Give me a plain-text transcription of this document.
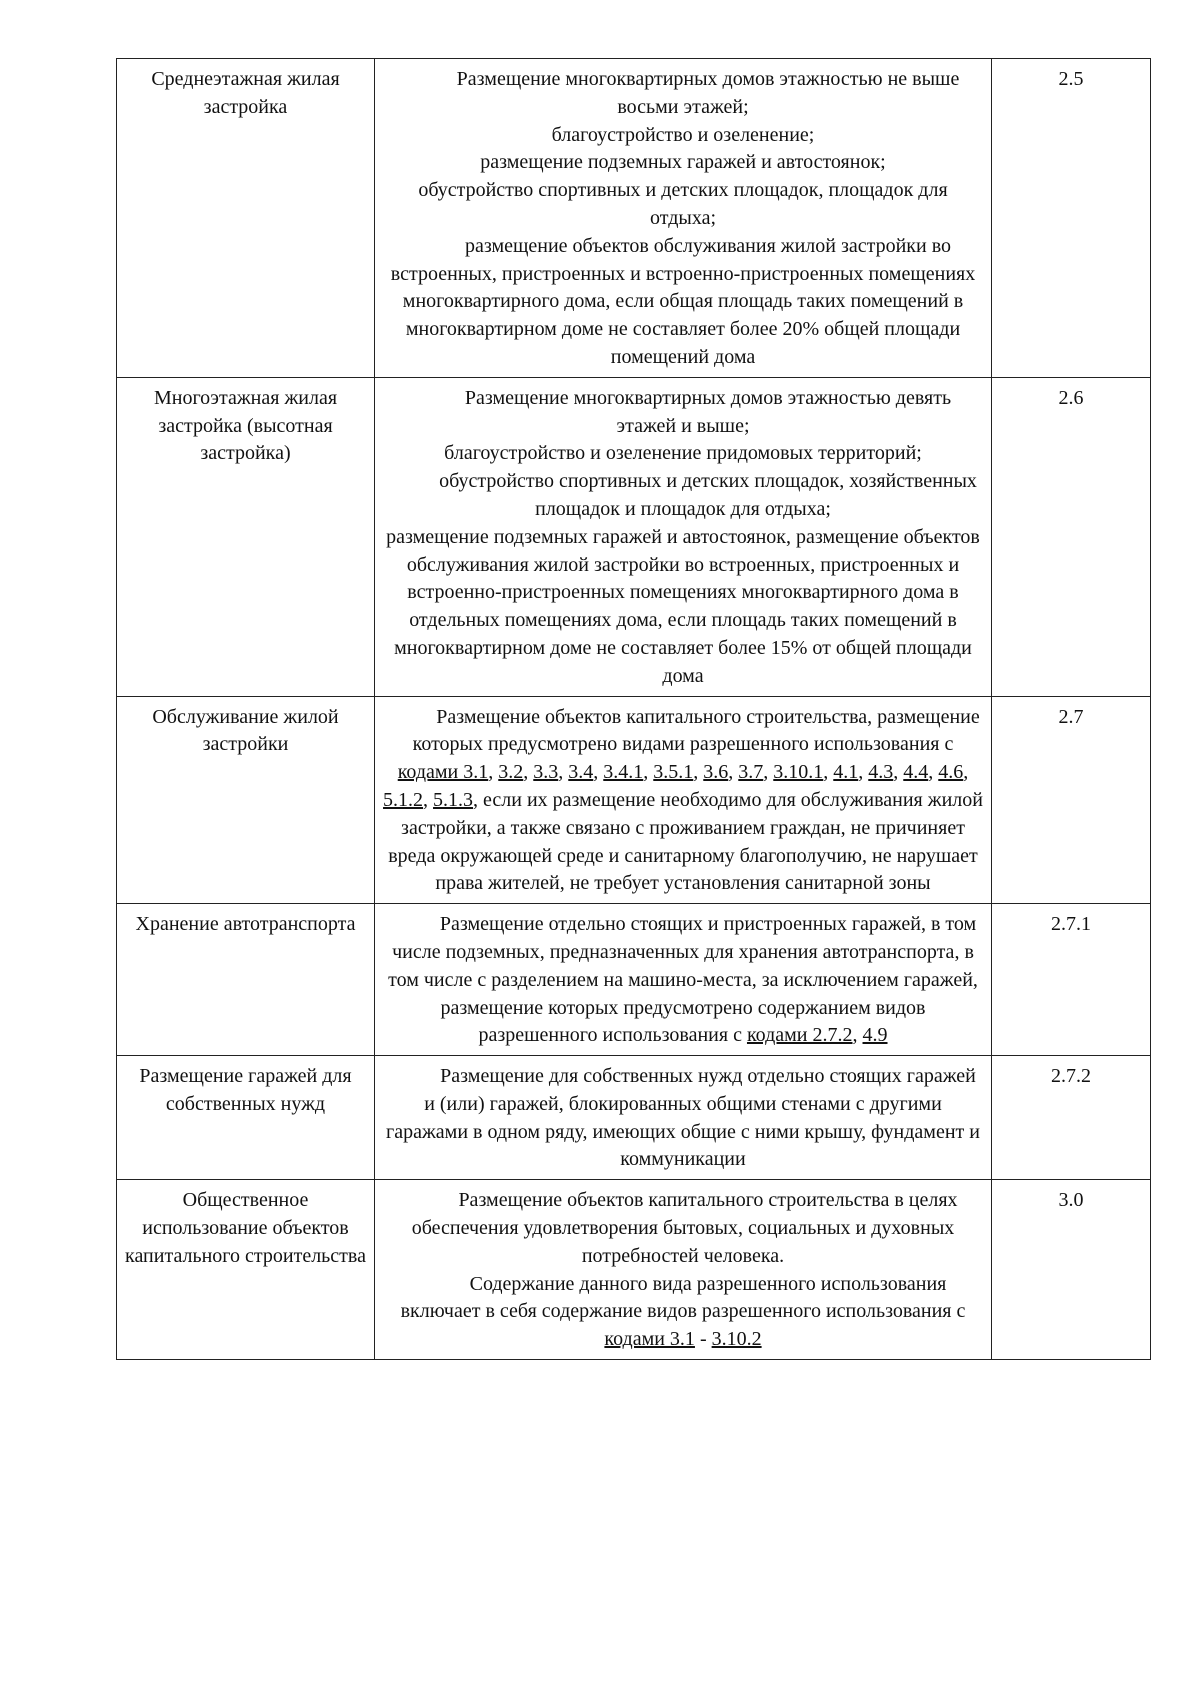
Среднеэтажная жилая застройка	Размещение многоквартирных домов этажностью не выше восьми этажей;

благоустройство и озеленение;

размещение подземных гаражей и автостоянок;

обустройство спортивных и детских площадок, площадок для отдыха;

размещение объектов обслуживания жилой застройки во встроенных, пристроенных и встроенно-пристроенных помещениях многоквартирного дома, если общая площадь таких помещений в многоквартирном доме не составляет более 20% общей площади помещений дома	2.5
Многоэтажная жилая застройка (высотная застройка)	Размещение многоквартирных домов этажностью девять этажей и выше;

благоустройство и озеленение придомовых территорий;

обустройство спортивных и детских площадок, хозяйственных площадок и площадок для отдыха;

размещение подземных гаражей и автостоянок, размещение объектов обслуживания жилой застройки во встроенных, пристроенных и встроенно-пристроенных помещениях многоквартирного дома в отдельных помещениях дома, если площадь таких помещений в многоквартирном доме не составляет более 15% от общей площади дома	2.6
Обслуживание жилой застройки	Размещение объектов капитального строительства, размещение которых предусмотрено видами разрешенного использования с кодами 3.1, 3.2, 3.3, 3.4, 3.4.1, 3.5.1, 3.6, 3.7, 3.10.1, 4.1, 4.3, 4.4, 4.6, 5.1.2, 5.1.3, если их размещение необходимо для обслуживания жилой застройки, а также связано с проживанием граждан, не причиняет вреда окружающей среде и санитарному благополучию, не нарушает права жителей, не требует установления санитарной зоны	2.7
Хранение автотранспорта	Размещение отдельно стоящих и пристроенных гаражей, в том числе подземных, предназначенных для хранения автотранспорта, в том числе с разделением на машино-места, за исключением гаражей, размещение которых предусмотрено содержанием видов разрешенного использования с кодами 2.7.2, 4.9	2.7.1
Размещение гаражей для собственных нужд	Размещение для собственных нужд отдельно стоящих гаражей и (или) гаражей, блокированных общими стенами с другими гаражами в одном ряду, имеющих общие с ними крышу, фундамент и коммуникации	2.7.2
Общественное использование объектов капитального строительства	Размещение объектов капитального строительства в целях обеспечения удовлетворения бытовых, социальных и духовных потребностей человека.

Содержание данного вида разрешенного использования включает в себя содержание видов разрешенного использования с кодами 3.1 - 3.10.2	3.0
